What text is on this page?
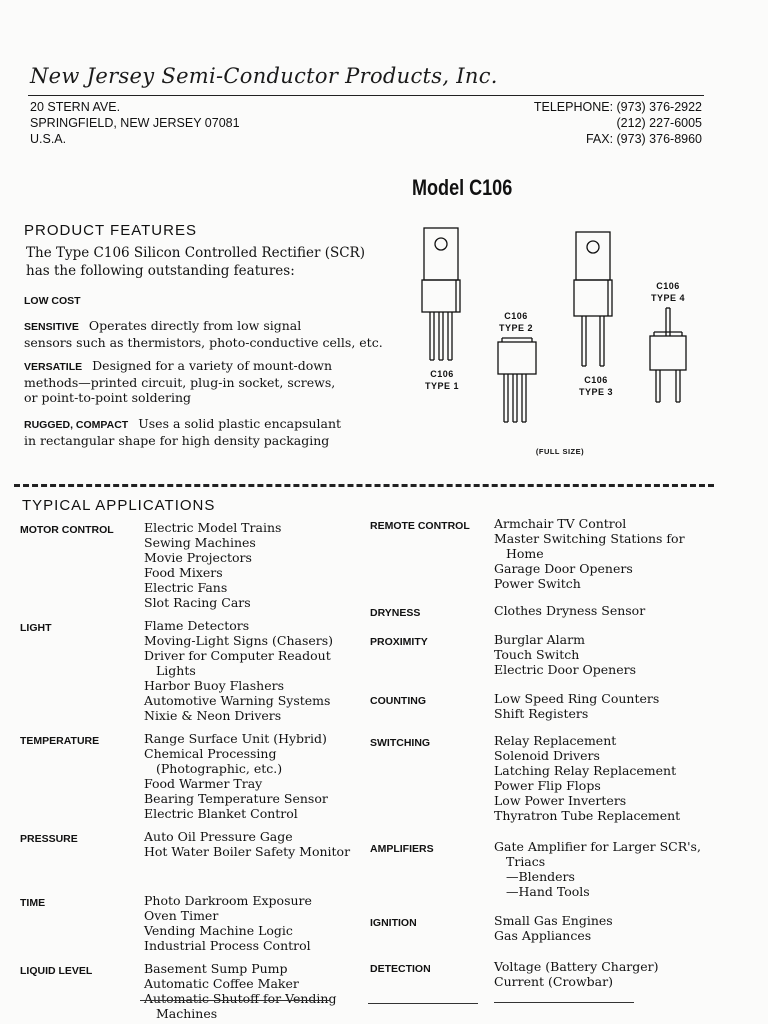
New Jersey Semi-Conductor Products, Inc.
20 STERN AVE.
SPRINGFIELD, NEW JERSEY 07081
U.S.A.
TELEPHONE: (973) 376-2922
(212) 227-6005
FAX: (973) 376-8960
Model C106
PRODUCT FEATURES
The Type C106 Silicon Controlled Rectifier (SCR)
has the following outstanding features:
LOW COST
SENSITIVE Operates directly from low signal
sensors such as thermistors, photo-conductive cells, etc.
VERSATILE Designed for a variety of mount-down
methods—printed circuit, plug-in socket, screws,
or point-to-point soldering
RUGGED, COMPACT Uses a solid plastic encapsulant
in rectangular shape for high density packaging
C106
TYPE 1
C106
TYPE 2
C106
TYPE 3
C106
TYPE 4
(FULL SIZE)
TYPICAL APPLICATIONS
MOTOR CONTROL Electric Model Trains
Sewing Machines
Movie Projectors
Food Mixers
Electric Fans
Slot Racing Cars
LIGHT	Flame Detectors
Moving-Light Signs (Chasers)
Driver for Computer Readout
Lights
Harbor Buoy Flashers
Automotive Warning Systems
Nixie & Neon Drivers
TEMPERATURE	Range Surface Unit (Hybrid)
Chemical Processing
(Photographic, etc.)
Food Warmer Tray
Bearing Temperature Sensor
Electric Blanket Control
PRESSURE	Auto Oil Pressure Gage
Hot Water Boiler Safety Monitor
TIME	Photo Darkroom Exposure
Oven Timer
Vending Machine Logic
Industrial Process Control
LIQUID LEVEL	Basement Sump Pump
Automatic Coffee Maker
Automatic Shutoff for Vending
Machines
REMOTE CONTROL Armchair TV Control
Master Switching Stations for
Home
Garage Door Openers
Power Switch
DRYNESS	Clothes Dryness Sensor
PROXIMITY	Burglar Alarm
Touch Switch
Electric Door Openers
COUNTING	Low Speed Ring Counters
Shift Registers
SWITCHING	Relay Replacement
Solenoid Drivers
Latching Relay Replacement
Power Flip Flops
Low Power Inverters
Thyratron Tube Replacement
AMPLIFIERS	Gate Amplifier for Larger SCR's,
Triacs
—Blenders
—Hand Tools
IGNITION	Small Gas Engines
Gas Appliances
DETECTION	Voltage (Battery Charger)
Current (Crowbar)
